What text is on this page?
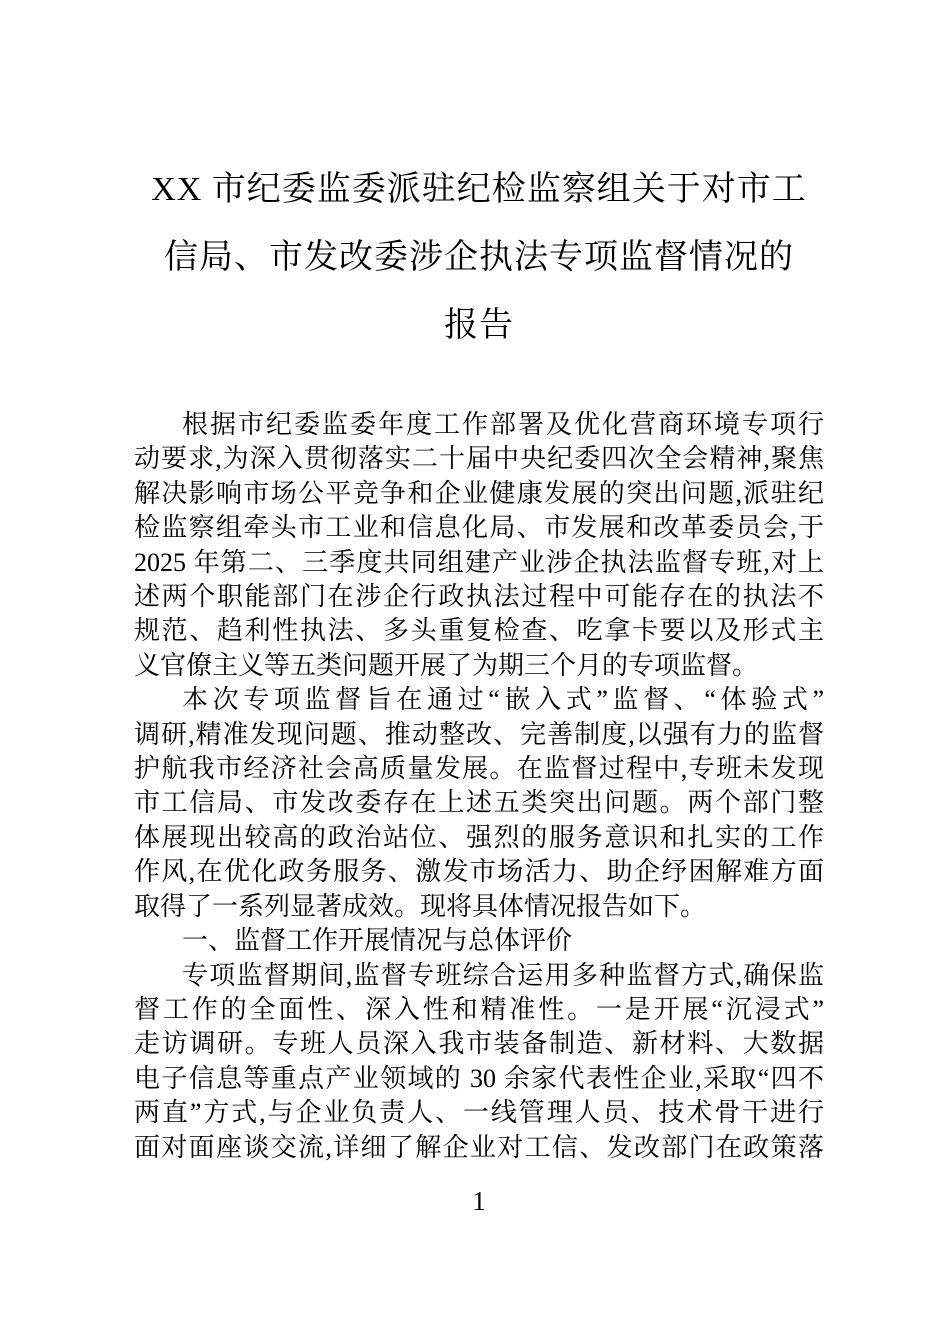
XX 市纪委监委派驻纪检监察组关于对市工
信局、市发改委涉企执法专项监督情况的
报告
根据市纪委监委年度工作部署及优化营商环境专项行
动要求,为深入贯彻落实二十届中央纪委四次全会精神,聚焦
解决影响市场公平竞争和企业健康发展的突出问题,派驻纪
检监察组牵头市工业和信息化局、市发展和改革委员会,于
2025 年第二、三季度共同组建产业涉企执法监督专班,对上
述两个职能部门在涉企行政执法过程中可能存在的执法不
规范、趋利性执法、多头重复检查、吃拿卡要以及形式主
义官僚主义等五类问题开展了为期三个月的专项监督。
本次专项监督旨在通过“嵌入式”监督、“体验式”
调研,精准发现问题、推动整改、完善制度,以强有力的监督
护航我市经济社会高质量发展。在监督过程中,专班未发现
市工信局、市发改委存在上述五类突出问题。两个部门整
体展现出较高的政治站位、强烈的服务意识和扎实的工作
作风,在优化政务服务、激发市场活力、助企纾困解难方面
取得了一系列显著成效。现将具体情况报告如下。
一、监督工作开展情况与总体评价
专项监督期间,监督专班综合运用多种监督方式,确保监
督工作的全面性、深入性和精准性。一是开展“沉浸式”
走访调研。专班人员深入我市装备制造、新材料、大数据
电子信息等重点产业领域的 30 余家代表性企业,采取“四不
两直”方式,与企业负责人、一线管理人员、技术骨干进行
面对面座谈交流,详细了解企业对工信、发改部门在政策落
1
